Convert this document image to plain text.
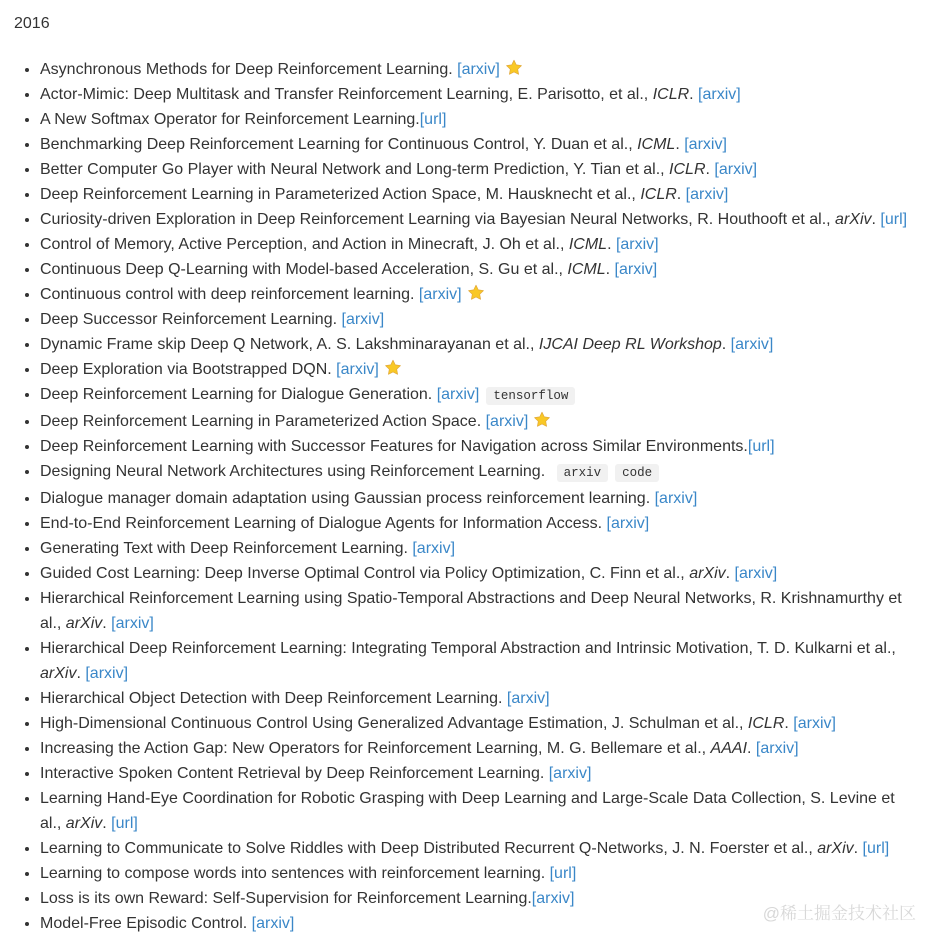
2016
• Asynchronous Methods for Deep Reinforcement Learning. [arxiv]
• Actor-Mimic: Deep Multitask and Transfer Reinforcement Learning, E. Parisotto, et al., ICLR. [arxiv]
• A New Softmax Operator for Reinforcement Learning.[url]
• Benchmarking Deep Reinforcement Learning for Continuous Control, Y. Duan et al., ICML. [arxiv]
• Better Computer Go Player with Neural Network and Long-term Prediction, Y. Tian et al., ICLR. [arxiv]
• Deep Reinforcement Learning in Parameterized Action Space, M. Hausknecht et al., ICLR. [arxiv]
• Curiosity-driven Exploration in Deep Reinforcement Learning via Bayesian Neural Networks, R. Houthooft et al., arXiv. [url]
• Control of Memory, Active Perception, and Action in Minecraft, J. Oh et al., ICML. [arxiv]
• Continuous Deep Q-Learning with Model-based Acceleration, S. Gu et al., ICML. [arxiv]
• Continuous control with deep reinforcement learning. [arxiv]
• Deep Successor Reinforcement Learning. [arxiv]
• Dynamic Frame skip Deep Q Network, A. S. Lakshminarayanan et al., IJCAI Deep RL Workshop. [arxiv]
• Deep Exploration via Bootstrapped DQN. [arxiv]
• Deep Reinforcement Learning for Dialogue Generation. [arxiv] tensorflow
• Deep Reinforcement Learning in Parameterized Action Space. [arxiv]
• Deep Reinforcement Learning with Successor Features for Navigation across Similar Environments.[url]
• Designing Neural Network Architectures using Reinforcement Learning. arxiv code
• Dialogue manager domain adaptation using Gaussian process reinforcement learning. [arxiv]
• End-to-End Reinforcement Learning of Dialogue Agents for Information Access. [arxiv]
• Generating Text with Deep Reinforcement Learning. [arxiv]
• Guided Cost Learning: Deep Inverse Optimal Control via Policy Optimization, C. Finn et al., arXiv. [arxiv]
• Hierarchical Reinforcement Learning using Spatio-Temporal Abstractions and Deep Neural Networks, R. Krishnamurthy et al., arXiv. [arxiv]
• Hierarchical Deep Reinforcement Learning: Integrating Temporal Abstraction and Intrinsic Motivation, T. D. Kulkarni et al., arXiv. [arxiv]
• Hierarchical Object Detection with Deep Reinforcement Learning. [arxiv]
• High-Dimensional Continuous Control Using Generalized Advantage Estimation, J. Schulman et al., ICLR. [arxiv]
• Increasing the Action Gap: New Operators for Reinforcement Learning, M. G. Bellemare et al., AAAI. [arxiv]
• Interactive Spoken Content Retrieval by Deep Reinforcement Learning. [arxiv]
• Learning Hand-Eye Coordination for Robotic Grasping with Deep Learning and Large-Scale Data Collection, S. Levine et al., arXiv. [url]
• Learning to Communicate to Solve Riddles with Deep Distributed Recurrent Q-Networks, J. N. Foerster et al., arXiv. [url]
• Learning to compose words into sentences with reinforcement learning. [url]
• Loss is its own Reward: Self-Supervision for Reinforcement Learning.[arxiv]
• Model-Free Episodic Control. [arxiv]
@稀土掘金技术社区
